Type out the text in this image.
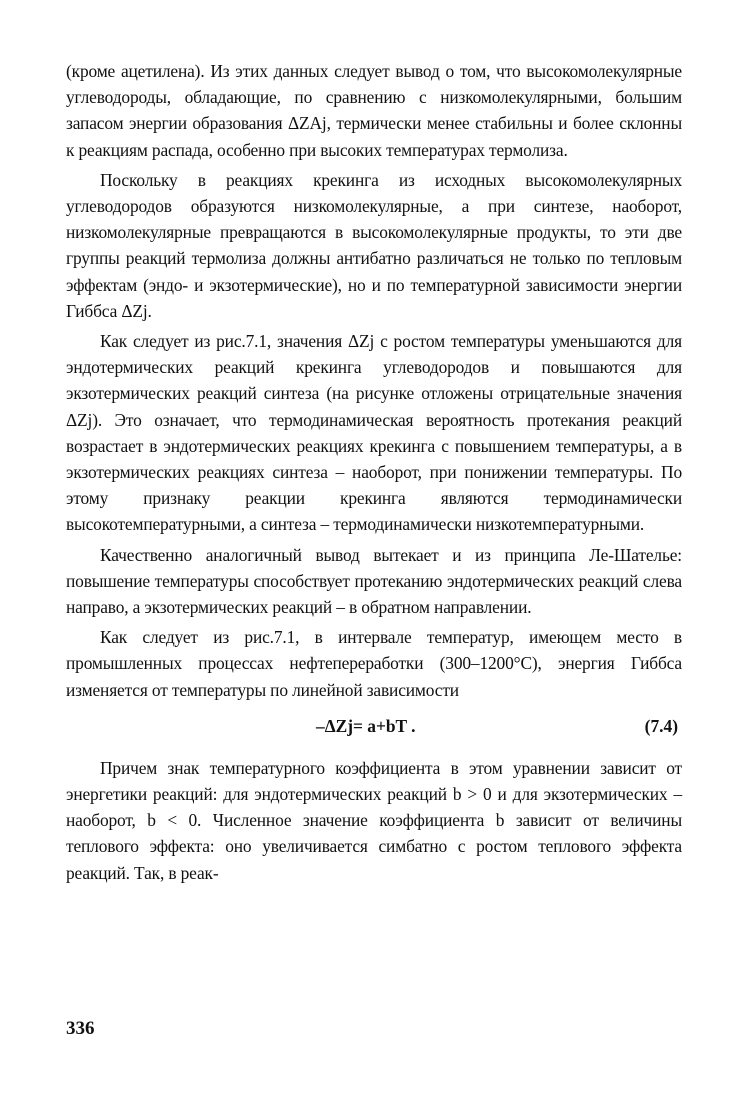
(кроме ацетилена). Из этих данных следует вывод о том, что высокомолекулярные углеводороды, обладающие, по сравнению с низкомолекулярными, большим запасом энергии образования ΔZAj, термически менее стабильны и более склонны к реакциям распада, особенно при высоких температурах термолиза.

Поскольку в реакциях крекинга из исходных высокомолекулярных углеводородов образуются низкомолекулярные, а при синтезе, наоборот, низкомолекулярные превращаются в высокомолекулярные продукты, то эти две группы реакций термолиза должны антибатно различаться не только по тепловым эффектам (эндо- и экзотермические), но и по температурной зависимости энергии Гиббса ΔZj.

Как следует из рис.7.1, значения ΔZj с ростом температуры уменьшаются для эндотермических реакций крекинга углеводородов и повышаются для экзотермических реакций синтеза (на рисунке отложены отрицательные значения ΔZj). Это означает, что термодинамическая вероятность протекания реакций возрастает в эндотермических реакциях крекинга с повышением температуры, а в экзотермических реакциях синтеза – наоборот, при понижении температуры. По этому признаку реакции крекинга являются термодинамически высокотемпературными, а синтеза – термодинамически низкотемпературными.

Качественно аналогичный вывод вытекает и из принципа Ле-Шателье: повышение температуры способствует протеканию эндотермических реакций слева направо, а экзотермических реакций – в обратном направлении.

Как следует из рис.7.1, в интервале температур, имеющем место в промышленных процессах нефтепереработки (300–1200°С), энергия Гиббса изменяется от температуры по линейной зависимости

–ΔZj= a+bT .	(7.4)

Причем знак температурного коэффициента в этом уравнении зависит от энергетики реакций: для эндотермических реакций b > 0 и для экзотермических – наоборот, b < 0. Численное значение коэффициента b зависит от величины теплового эффекта: оно увеличивается симбатно с ростом теплового эффекта реакций. Так, в реак-

336
